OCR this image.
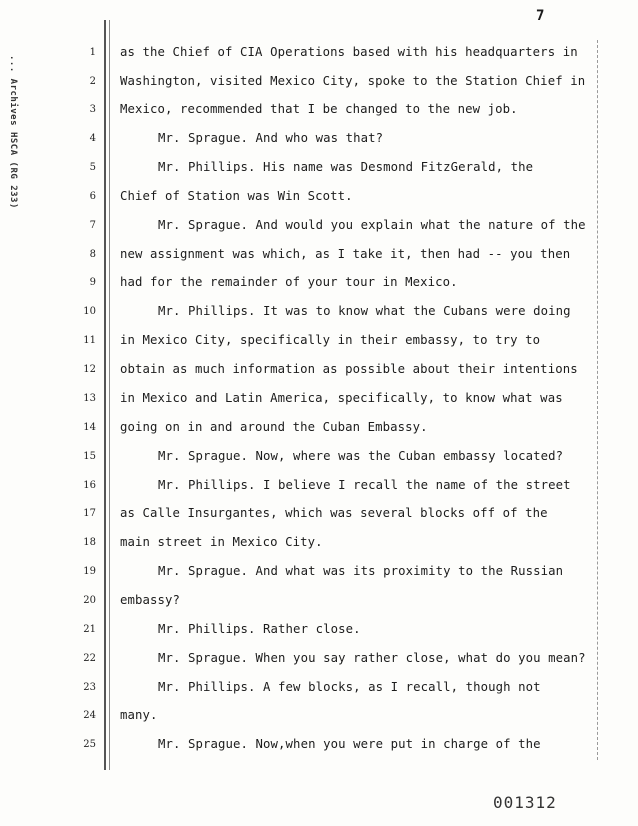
... Archives HSCA (RG 233)
7
1
2
3
4
5
6
7
8
9
10
11
12
13
14
15
16
17
18
19
20
21
22
23
24
25
as the Chief of CIA Operations based with his headquarters in
Washington, visited Mexico City, spoke to the Station Chief in
Mexico, recommended that I be changed to the new job.
Mr. Sprague. And who was that?
Mr. Phillips. His name was Desmond FitzGerald, the
Chief of Station was Win Scott.
Mr. Sprague. And would you explain what the nature of the
new assignment was which, as I take it, then had -- you then
had for the remainder of your tour in Mexico.
Mr. Phillips. It was to know what the Cubans were doing
in Mexico City, specifically in their embassy, to try to
obtain as much information as possible about their intentions
in Mexico and Latin America, specifically, to know what was
going on in and around the Cuban Embassy.
Mr. Sprague. Now, where was the Cuban embassy located?
Mr. Phillips. I believe I recall the name of the street
as Calle Insurgantes, which was several blocks off of the
main street in Mexico City.
Mr. Sprague. And what was its proximity to the Russian
embassy?
Mr. Phillips. Rather close.
Mr. Sprague. When you say rather close, what do you mean?
Mr. Phillips. A few blocks, as I recall, though not
many.
Mr. Sprague. Now,when you were put in charge of the
001312
